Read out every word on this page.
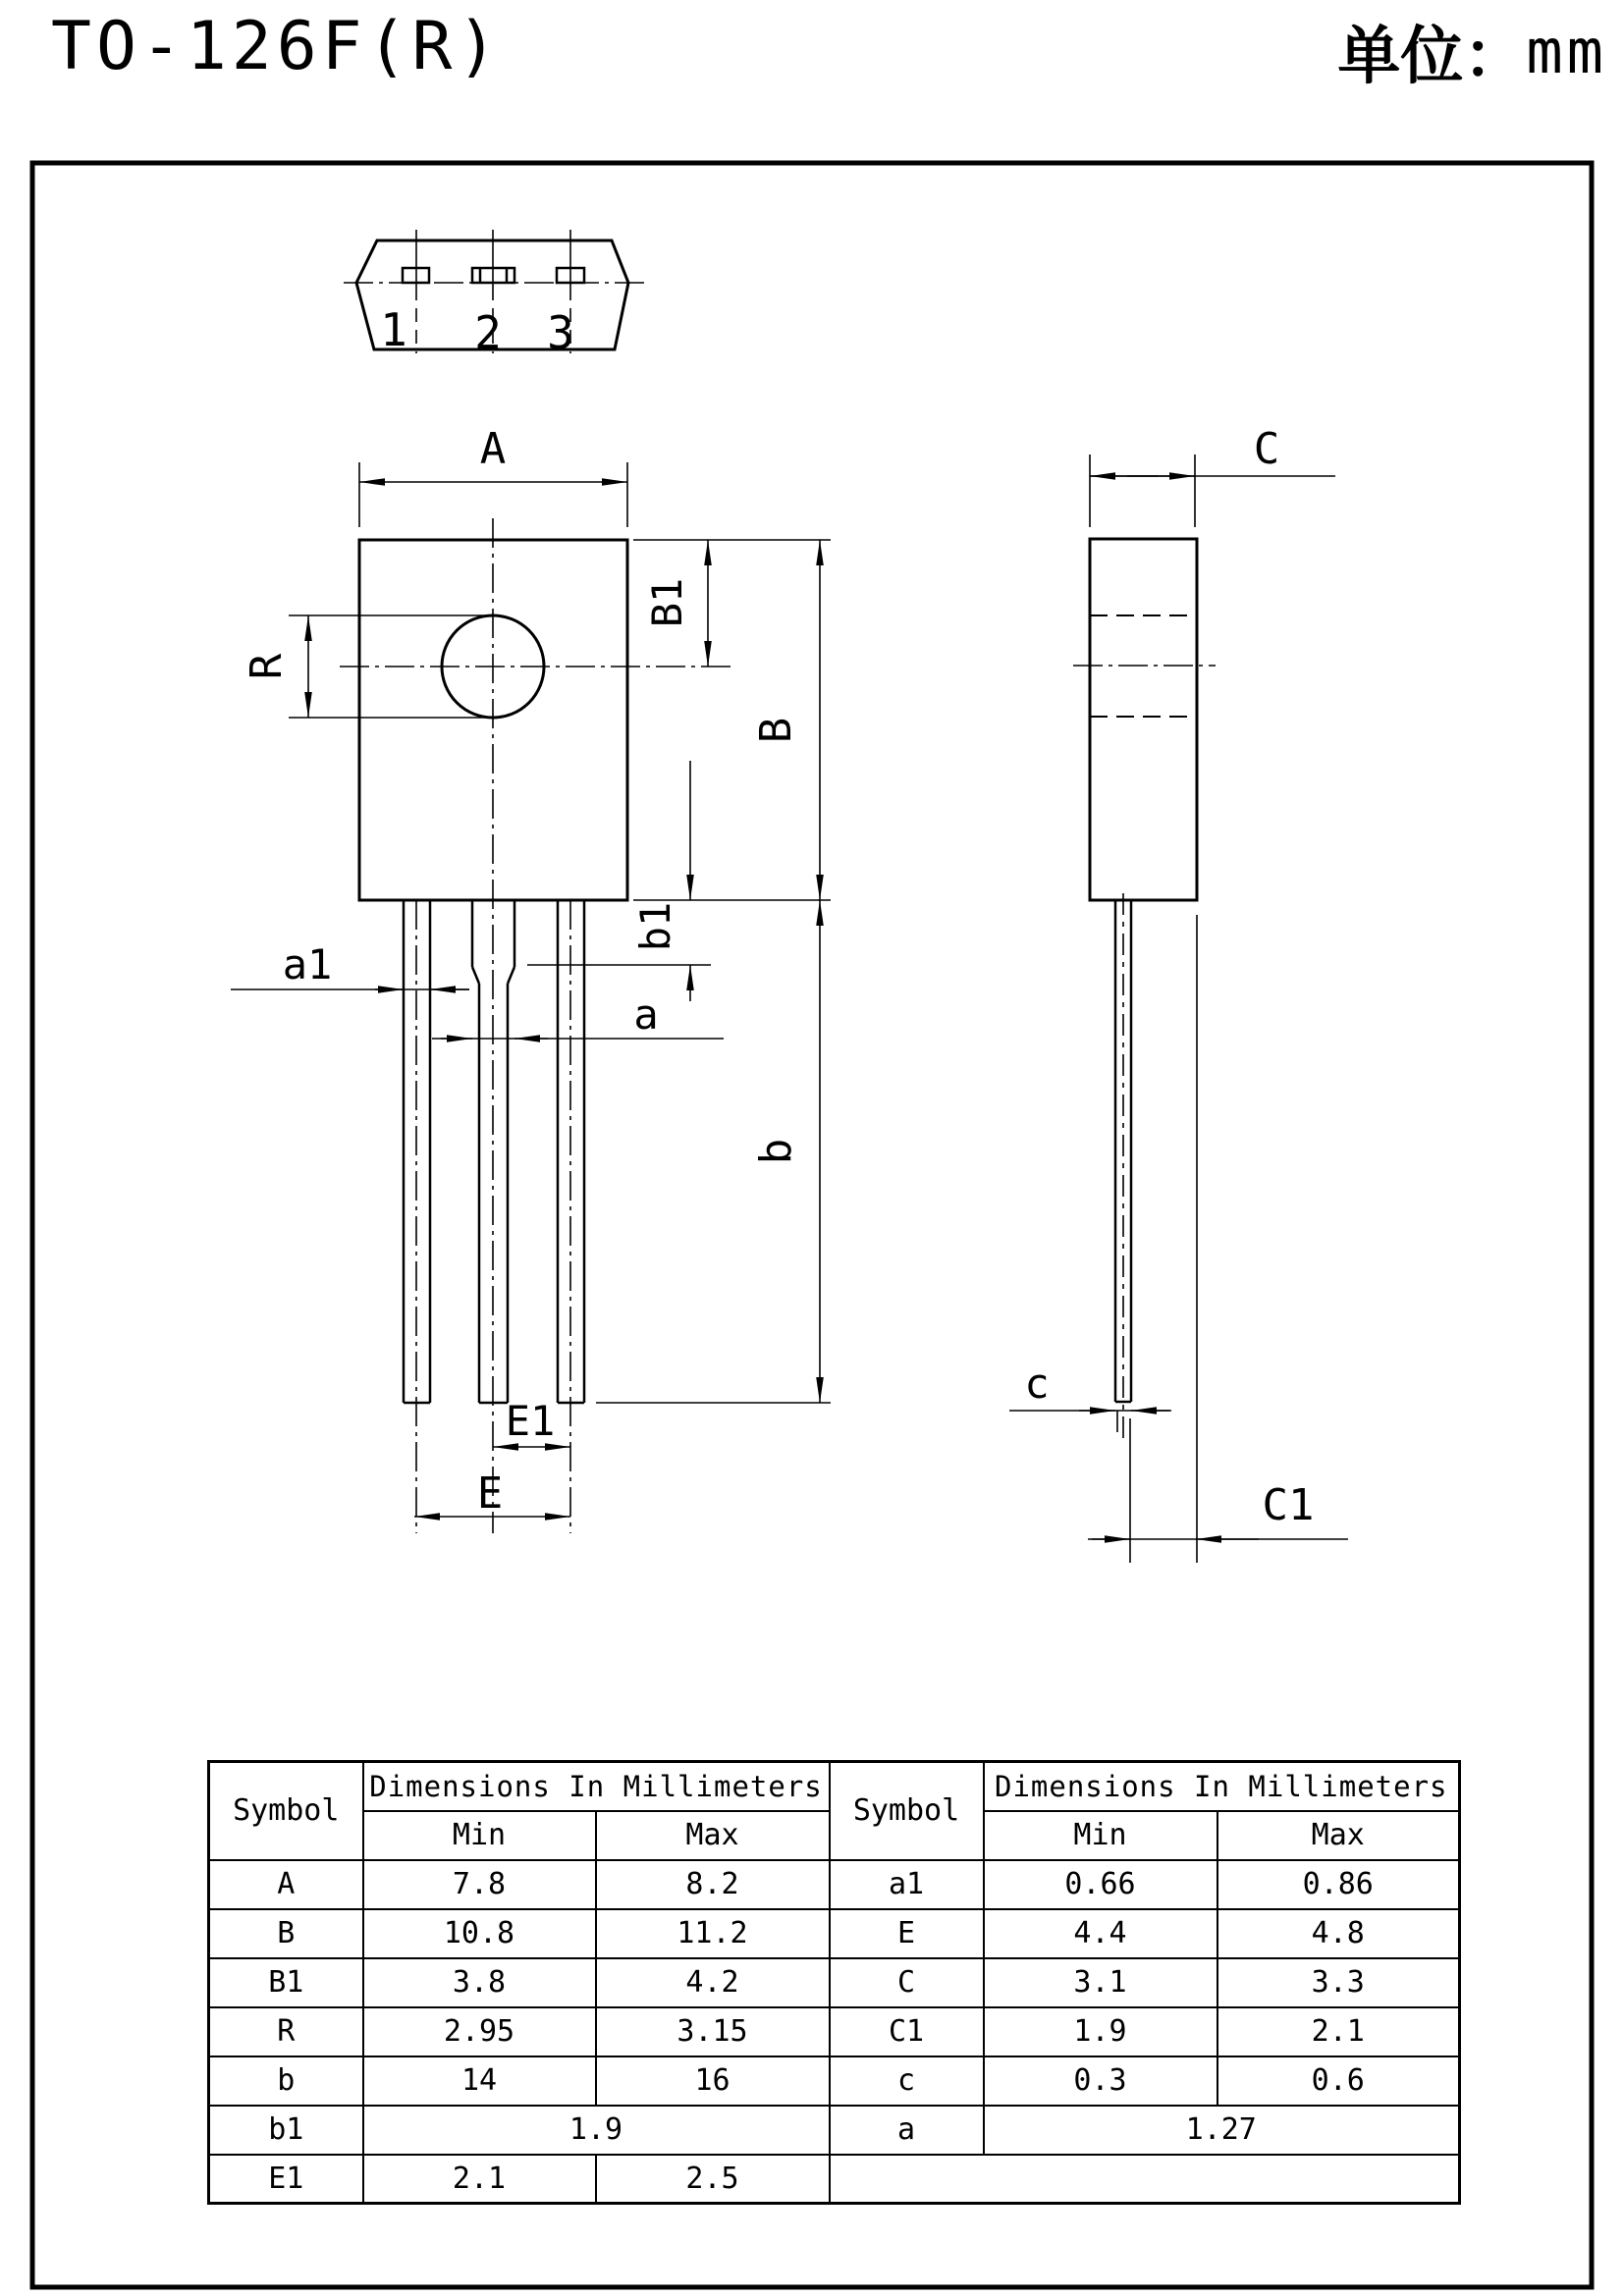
TO-126F(R)	单位： mm
1 2 3
A
R
B1
B
b1
b
a1
a
E1
E
C
c
C1
Symbol	Dimensions In Millimeters		Symbol	Dimensions In Millimeters	
	Min	Max		Min	Max
A	7.8	8.2	a1	0.66	0.86
B	10.8	11.2	E	4.4	4.8
B1	3.8	4.2	C	3.1	3.3
R	2.95	3.15	C1	1.9	2.1
b	14	16	c	0.3	0.6
b1	1.9		a	1.27	
E1	2.1	2.5			
